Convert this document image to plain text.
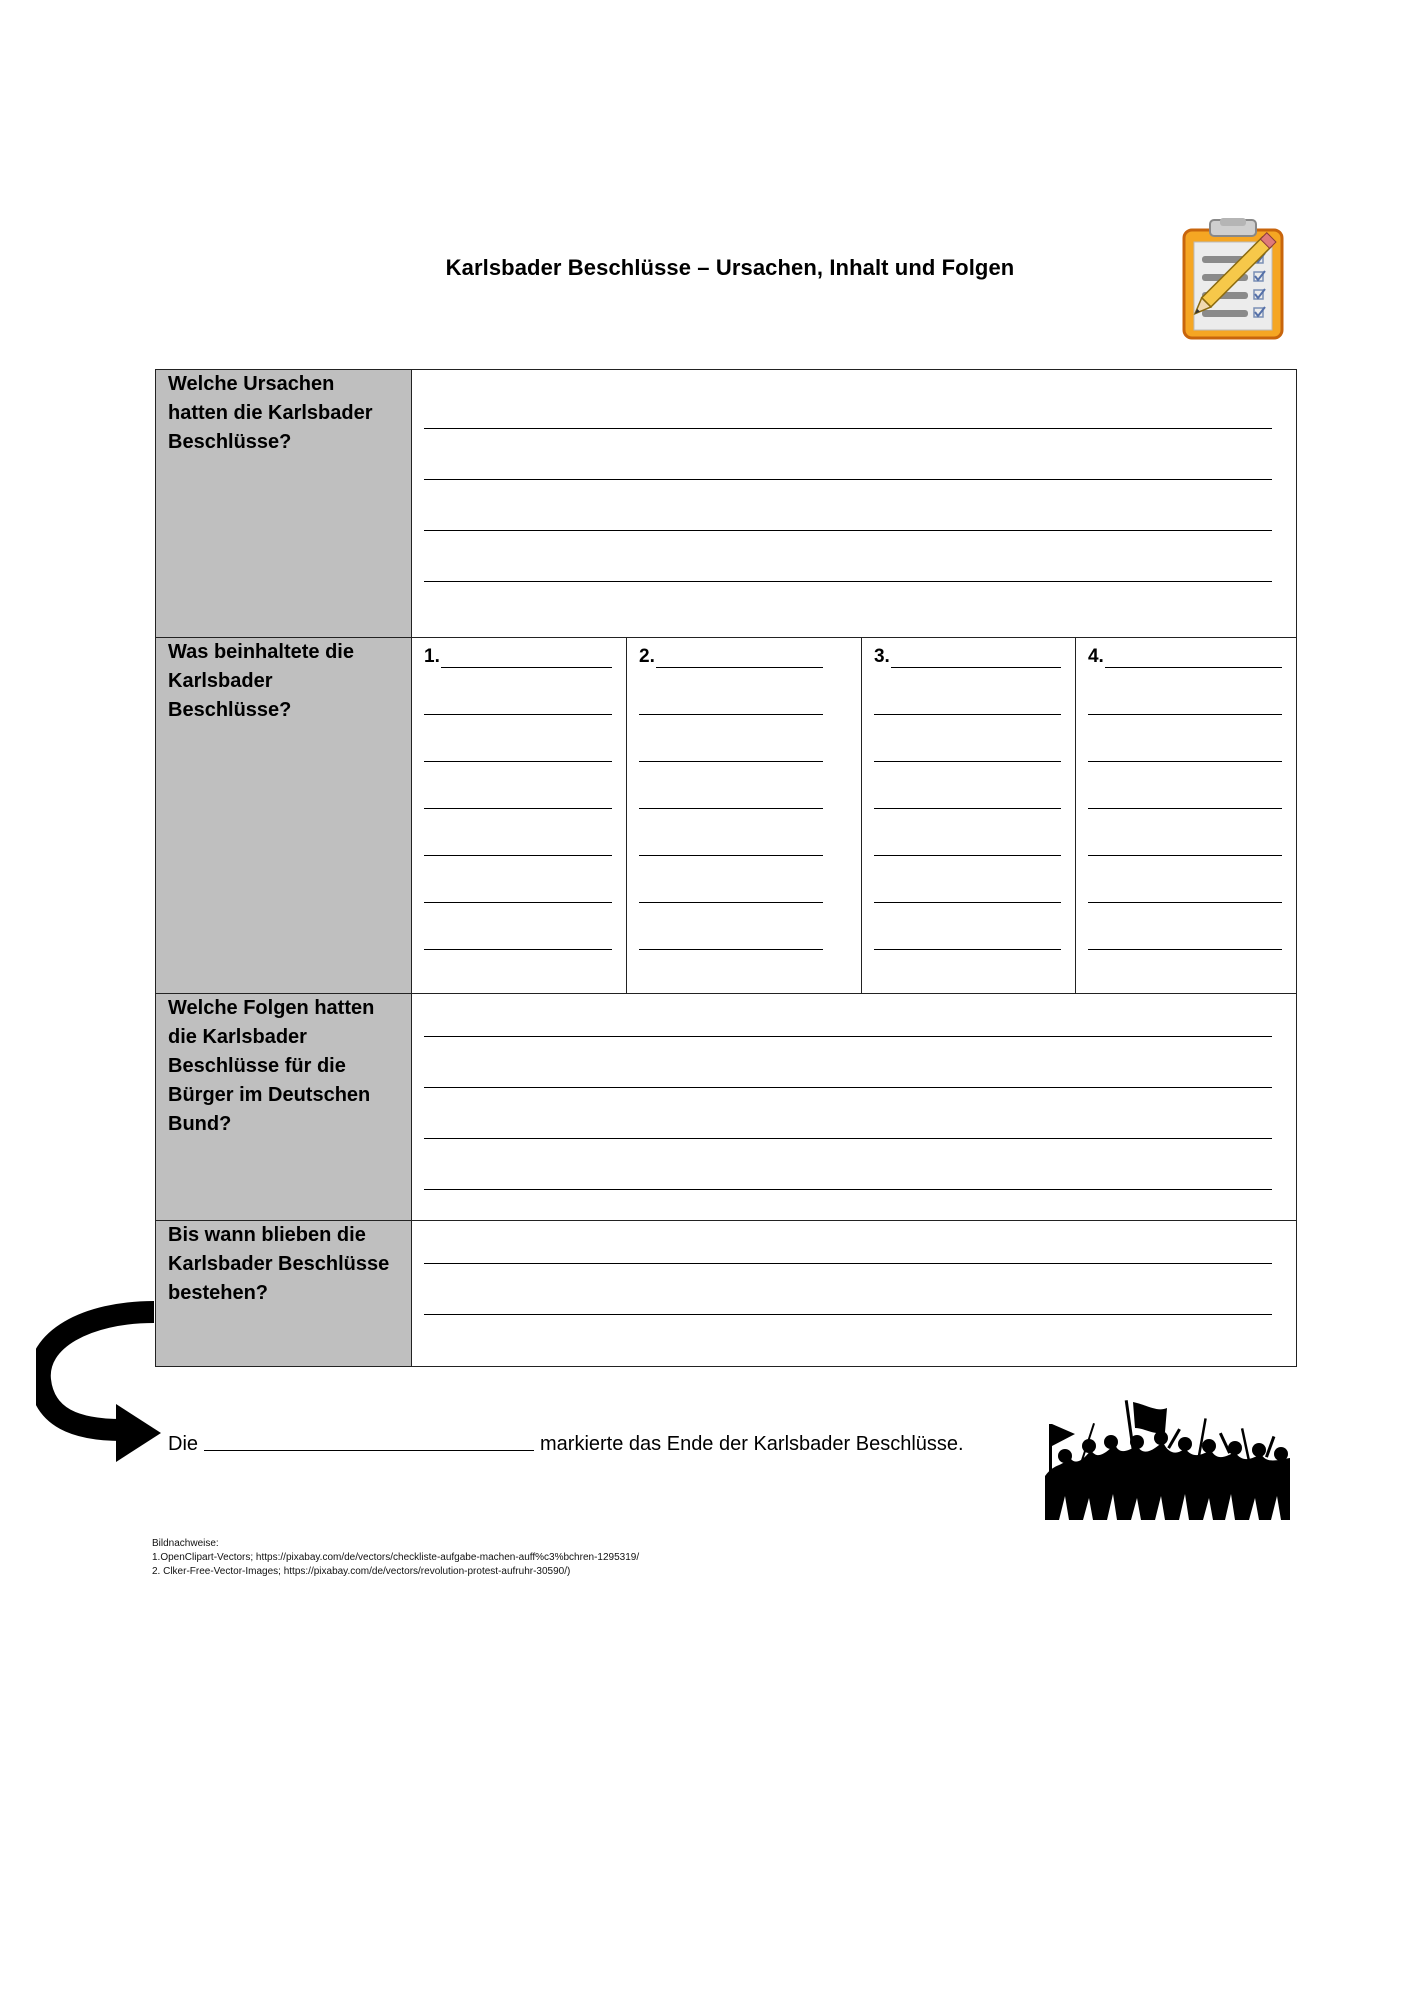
Karlsbader Beschlüsse – Ursachen, Inhalt und Folgen
Welche Ursachen hatten die Karlsbader Beschlüsse?	

Was beinhaltete die Karlsbader Beschlüsse?	1. 2. 3. 4.

Welche Folgen hatten die Karlsbader Beschlüsse für die Bürger im Deutschen Bund?	

Bis wann blieben die Karlsbader Beschlüsse bestehen?	

Die	markierte das Ende der Karlsbader Beschlüsse.
Bildnachweise:
1.OpenClipart-Vectors; https://pixabay.com/de/vectors/checkliste-aufgabe-machen-auff%c3%bchren-1295319/
2. Clker-Free-Vector-Images; https://pixabay.com/de/vectors/revolution-protest-aufruhr-30590/)
